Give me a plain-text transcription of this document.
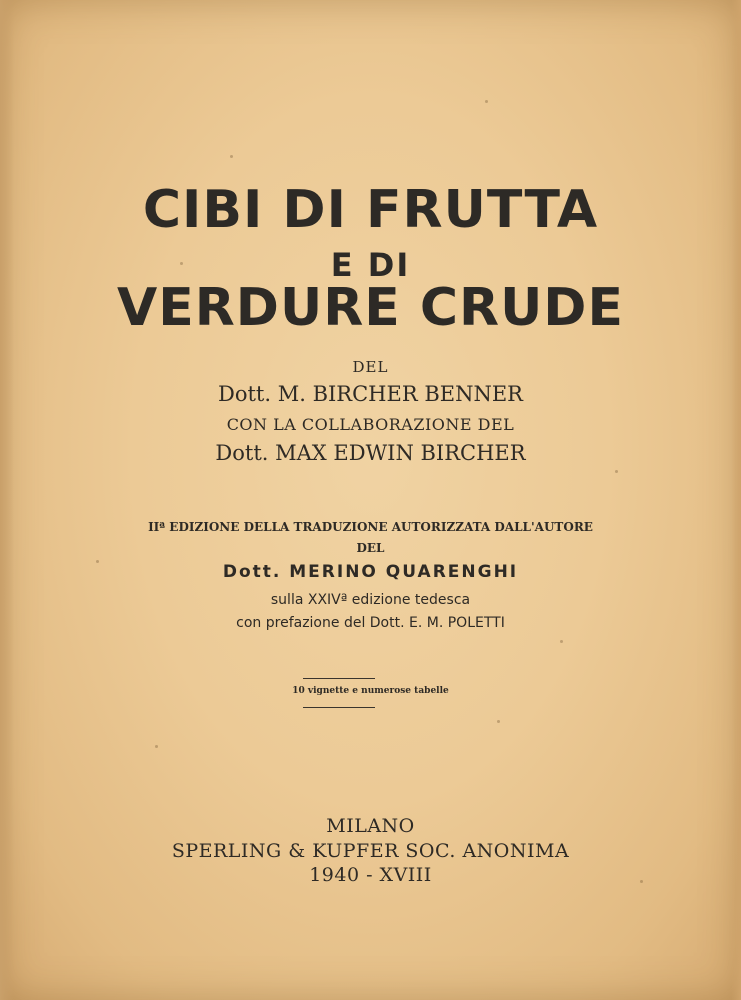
CIBI DI FRUTTA
E DI
VERDURE CRUDE
DEL
Dott. M. BIRCHER BENNER
CON LA COLLABORAZIONE DEL
Dott. MAX EDWIN BIRCHER
IIª EDIZIONE DELLA TRADUZIONE AUTORIZZATA DALL'AUTORE
DEL
Dott. MERINO QUARENGHI
sulla XXIVª edizione tedesca
con prefazione del Dott. E. M. POLETTI
10 vignette e numerose tabelle
MILANO
SPERLING & KUPFER SOC. ANONIMA
1940 - XVIII
